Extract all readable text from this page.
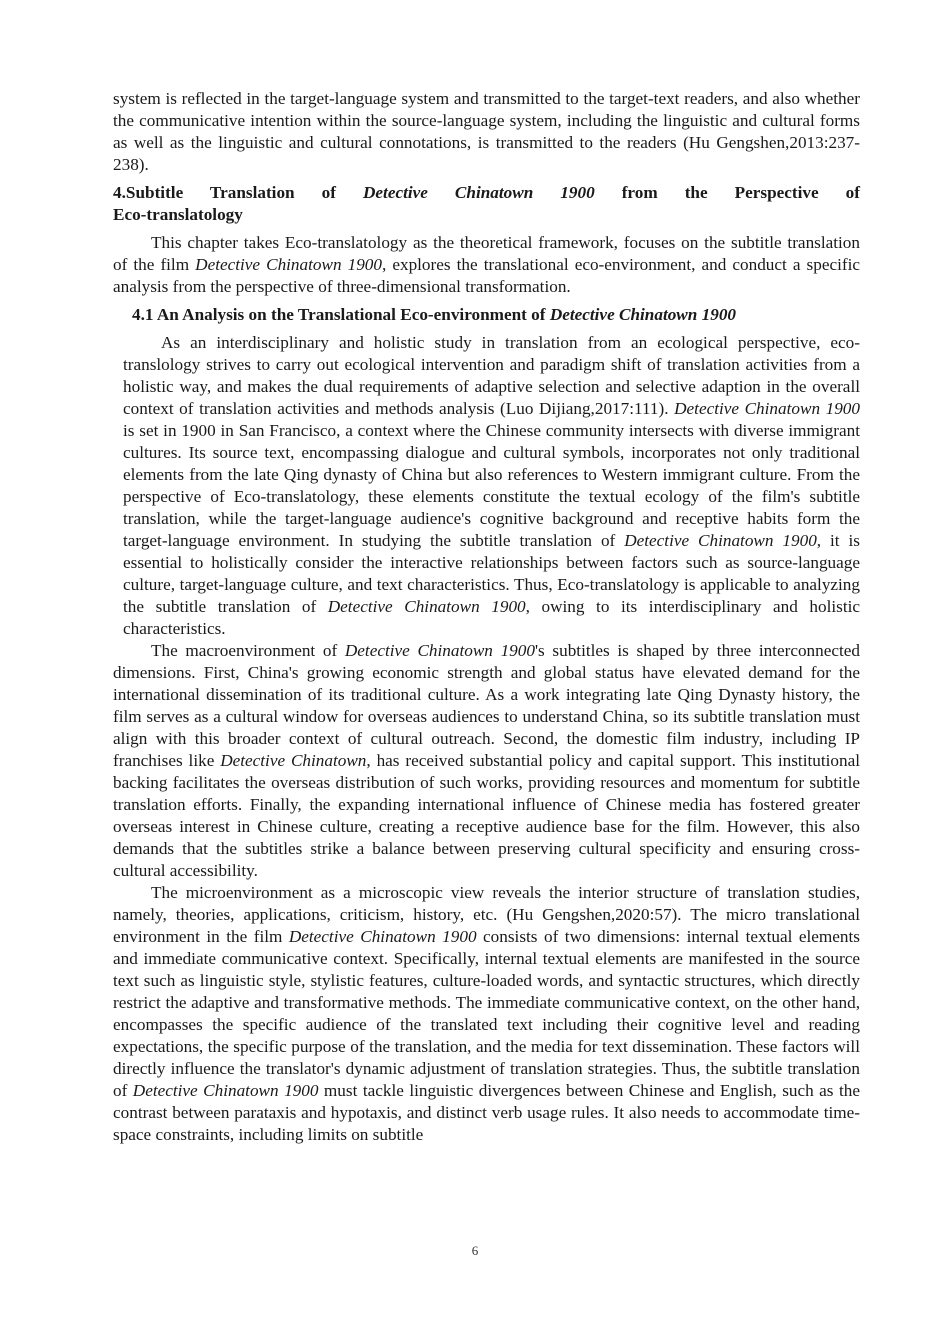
system is reflected in the target-language system and transmitted to the target-text readers, and also whether the communicative intention within the source-language system, including the linguistic and cultural forms as well as the linguistic and cultural connotations, is transmitted to the readers (Hu Gengshen,2013:237-238).

4.Subtitle Translation of Detective Chinatown 1900 from the Perspective of
Eco-translatology

This chapter takes Eco-translatology as the theoretical framework, focuses on the subtitle translation of the film Detective Chinatown 1900, explores the translational eco-environment, and conduct a specific analysis from the perspective of three-dimensional transformation.

4.1 An Analysis on the Translational Eco-environment of Detective Chinatown 1900

As an interdisciplinary and holistic study in translation from an ecological perspective, eco-translology strives to carry out ecological intervention and paradigm shift of translation activities from a holistic way, and makes the dual requirements of adaptive selection and selective adaption in the overall context of translation activities and methods analysis (Luo Dijiang,2017:111). Detective Chinatown 1900 is set in 1900 in San Francisco, a context where the Chinese community intersects with diverse immigrant cultures. Its source text, encompassing dialogue and cultural symbols, incorporates not only traditional elements from the late Qing dynasty of China but also references to Western immigrant culture. From the perspective of Eco-translatology, these elements constitute the textual ecology of the film's subtitle translation, while the target-language audience's cognitive background and receptive habits form the target-language environment. In studying the subtitle translation of Detective Chinatown 1900, it is essential to holistically consider the interactive relationships between factors such as source-language culture, target-language culture, and text characteristics. Thus, Eco-translatology is applicable to analyzing the subtitle translation of Detective Chinatown 1900, owing to its interdisciplinary and holistic characteristics.

The macroenvironment of Detective Chinatown 1900's subtitles is shaped by three interconnected dimensions. First, China's growing economic strength and global status have elevated demand for the international dissemination of its traditional culture. As a work integrating late Qing Dynasty history, the film serves as a cultural window for overseas audiences to understand China, so its subtitle translation must align with this broader context of cultural outreach. Second, the domestic film industry, including IP franchises like Detective Chinatown, has received substantial policy and capital support. This institutional backing facilitates the overseas distribution of such works, providing resources and momentum for subtitle translation efforts. Finally, the expanding international influence of Chinese media has fostered greater overseas interest in Chinese culture, creating a receptive audience base for the film. However, this also demands that the subtitles strike a balance between preserving cultural specificity and ensuring cross-cultural accessibility.

The microenvironment as a microscopic view reveals the interior structure of translation studies, namely, theories, applications, criticism, history, etc. (Hu Gengshen,2020:57). The micro translational environment in the film Detective Chinatown 1900 consists of two dimensions: internal textual elements and immediate communicative context. Specifically, internal textual elements are manifested in the source text such as linguistic style, stylistic features, culture-loaded words, and syntactic structures, which directly restrict the adaptive and transformative methods. The immediate communicative context, on the other hand, encompasses the specific audience of the translated text including their cognitive level and reading expectations, the specific purpose of the translation, and the media for text dissemination. These factors will directly influence the translator's dynamic adjustment of translation strategies. Thus, the subtitle translation of Detective Chinatown 1900 must tackle linguistic divergences between Chinese and English, such as the contrast between parataxis and hypotaxis, and distinct verb usage rules. It also needs to accommodate time-space constraints, including limits on subtitle

6
